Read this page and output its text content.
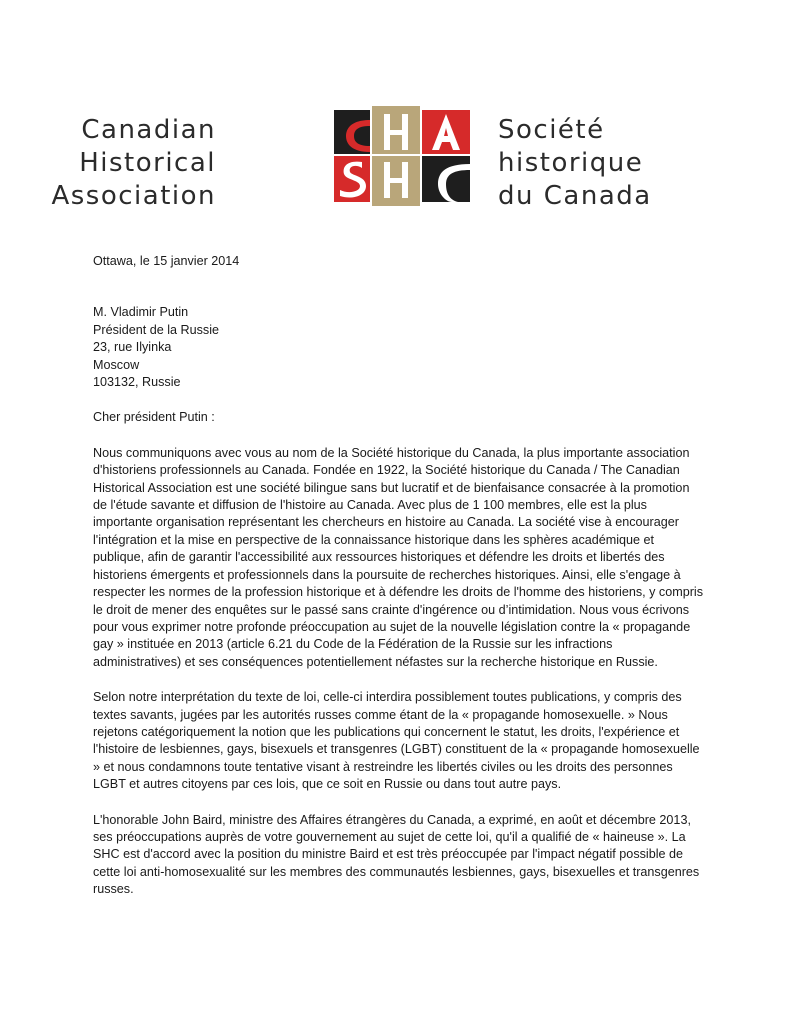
Canadian
Historical
Association
Société
historique
du Canada

Ottawa, le 15 janvier 2014

M. Vladimir Putin
Président de la Russie
23, rue Ilyinka
Moscow
103132, Russie

Cher président Putin :

Nous communiquons avec vous au nom de la Société historique du Canada, la plus importante association d'historiens professionnels au Canada. Fondée en 1922, la Société historique du Canada / The Canadian Historical Association est une société bilingue sans but lucratif et de bienfaisance consacrée à la promotion de l'étude savante et diffusion de l'histoire au Canada. Avec plus de 1 100 membres, elle est la plus importante organisation représentant les chercheurs en histoire au Canada. La société vise à encourager l'intégration et la mise en perspective de la connaissance historique dans les sphères académique et publique, afin de garantir l'accessibilité aux ressources historiques et défendre les droits et libertés des historiens émergents et professionnels dans la poursuite de recherches historiques. Ainsi, elle s'engage à respecter les normes de la profession historique et à défendre les droits de l'homme des historiens, y compris le droit de mener des enquêtes sur le passé sans crainte d'ingérence ou d’intimidation. Nous vous écrivons pour vous exprimer notre profonde préoccupation au sujet de la nouvelle législation contre la « propagande gay » instituée en 2013 (article 6.21 du Code de la Fédération de la Russie sur les infractions administratives) et ses conséquences potentiellement néfastes sur la recherche historique en Russie.

Selon notre interprétation du texte de loi, celle-ci interdira possiblement toutes publications, y compris des textes savants, jugées par les autorités russes comme étant de la « propagande homosexuelle. » Nous rejetons catégoriquement la notion que les publications qui concernent le statut, les droits, l'expérience et l'histoire de lesbiennes, gays, bisexuels et transgenres (LGBT) constituent de la « propagande homosexuelle » et nous condamnons toute tentative visant à restreindre les libertés civiles ou les droits des personnes LGBT et autres citoyens par ces lois, que ce soit en Russie ou dans tout autre pays.

L'honorable John Baird, ministre des Affaires étrangères du Canada, a exprimé, en août et décembre 2013, ses préoccupations auprès de votre gouvernement au sujet de cette loi, qu'il a qualifié de « haineuse ». La SHC est d'accord avec la position du ministre Baird et est très préoccupée par l'impact négatif possible de cette loi anti-homosexualité sur les membres des communautés lesbiennes, gays, bisexuelles et transgenres russes.
